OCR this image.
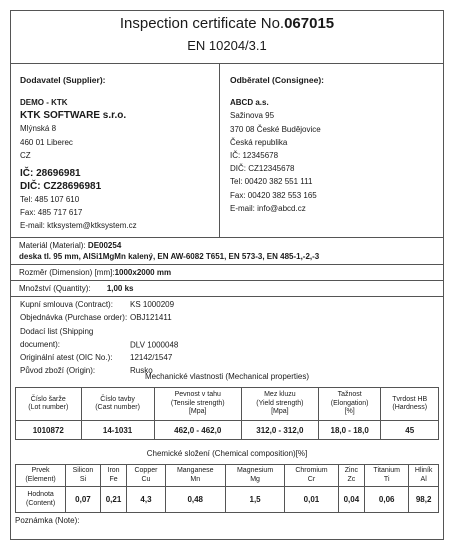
Inspection certificate No.067015
EN 10204/3.1
Dodavatel (Supplier):
DEMO - KTK
KTK SOFTWARE s.r.o.
Mlýnská 8
460 01 Liberec
CZ
IČ: 28696981
DIČ: CZ28696981
Tel: 485 107 610
Fax: 485 717 617
E-mail: ktksystem@ktksystem.cz
Odběratel (Consignee):
ABCD a.s.
Sažinova 95
370 08 České Budějovice
Česká republika
IČ: 12345678
DIČ: CZ12345678
Tel: 00420 382 551 111
Fax: 00420 382 553 165
E-mail: info@abcd.cz
Materiál (Material): DE00254
deska tl. 95 mm, AlSi1MgMn kalený, EN AW-6082 T651, EN 573-3, EN 485-1,-2,-3
Rozměr (Dimension) [mm]:1000x2000 mm
Množství (Quantity): 1,00 ks
Kupní smlouva (Contract): KS 1000209
Objednávka (Purchase order): OBJ121411
Dodací list (Shipping document):	DLV 1000048
Originální atest (OIC No.): 12142/1547
Původ zboží (Origin):	Rusko
Mechanické vlastnosti (Mechanical properties)
Číslo šarže
(Lot number)	Číslo tavby
(Cast number)	Pevnost v tahu
(Tensile strength)
[Mpa]	Mez kluzu
(Yield strength)
[Mpa]	Tažnost
(Elongation)
[%]	Tvrdost HB
(Hardness)
1010872	14-1031	462,0 - 462,0	312,0 - 312,0	18,0 - 18,0	45
Chemické složení (Chemical composition)[%]
Prvek
(Element)	Silicon
Si	Iron
Fe	Copper
Cu	Manganese
Mn	Magnesium
Mg	Chromium
Cr	Zinc
Zc	Titanium
Ti	Hliník
Al
Hodnota
(Content)	0,07	0,21	4,3	0,48	1,5	0,01	0,04	0,06	98,2
Poznámka (Note):
